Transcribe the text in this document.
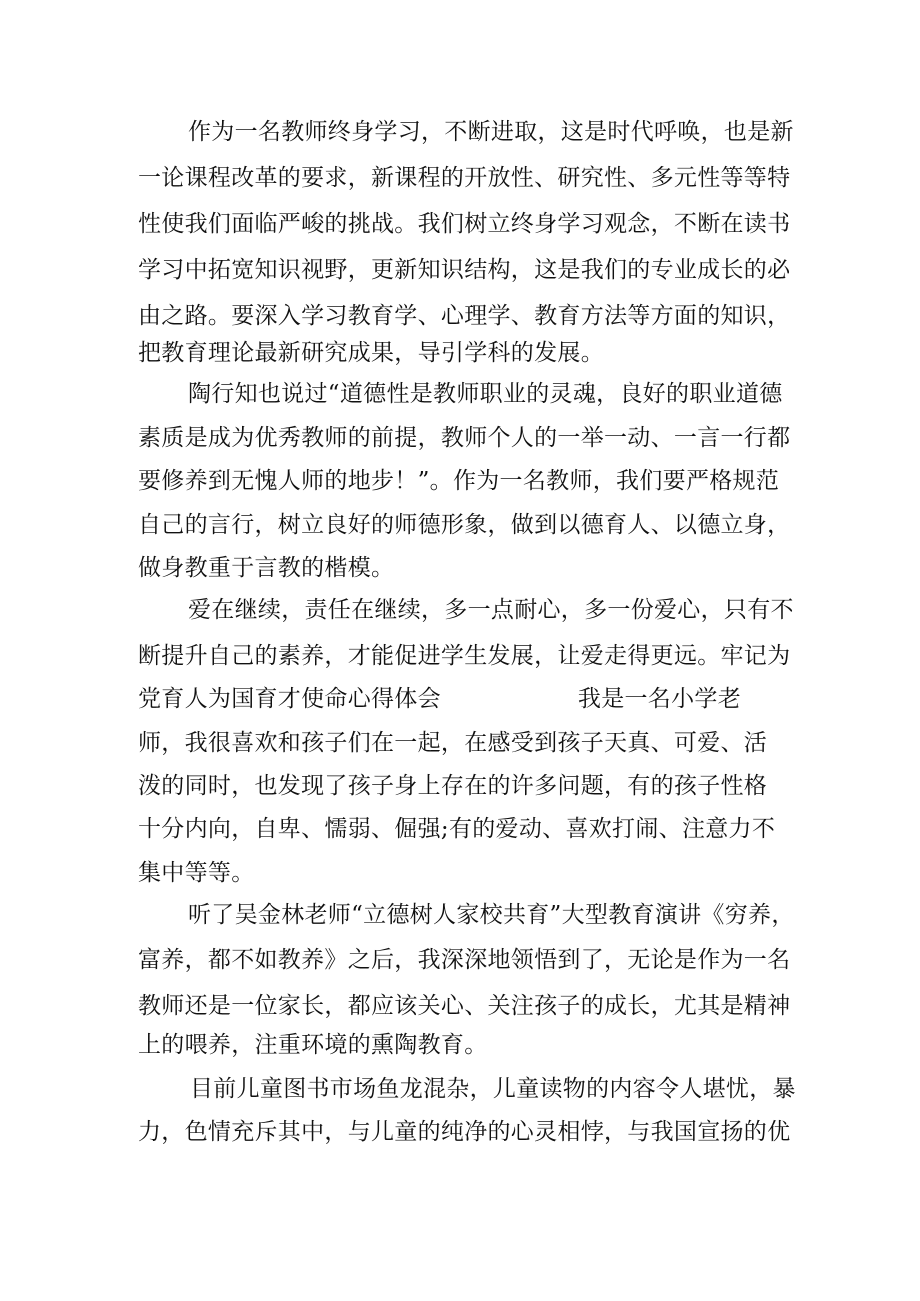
作为一名教师终身学习，不断进取，这是时代呼唤，也是新
一论课程改革的要求，新课程的开放性、研究性、多元性等等特
性使我们面临严峻的挑战。我们树立终身学习观念，不断在读书
学习中拓宽知识视野，更新知识结构，这是我们的专业成长的必
由之路。要深入学习教育学、心理学、教育方法等方面的知识，
把教育理论最新研究成果，导引学科的发展。
陶行知也说过“道德性是教师职业的灵魂，良好的职业道德
素质是成为优秀教师的前提，教师个人的一举一动、一言一行都
要修养到无愧人师的地步！”。作为一名教师，我们要严格规范
自己的言行，树立良好的师德形象，做到以德育人、以德立身，
做身教重于言教的楷模。
爱在继续，责任在继续，多一点耐心，多一份爱心，只有不
断提升自己的素养，才能促进学生发展，让爱走得更远。牢记为
党育人为国育才使命心得体会                  我是一名小学老
师，我很喜欢和孩子们在一起，在感受到孩子天真、可爱、活
泼的同时，也发现了孩子身上存在的许多问题，有的孩子性格
十分内向，自卑、懦弱、倔强;有的爱动、喜欢打闹、注意力不
集中等等。
听了吴金林老师“立德树人家校共育”大型教育演讲《穷养，
富养，都不如教养》之后，我深深地领悟到了，无论是作为一名
教师还是一位家长，都应该关心、关注孩子的成长，尤其是精神
上的喂养，注重环境的熏陶教育。
目前儿童图书市场鱼龙混杂，儿童读物的内容令人堪忧，暴
力，色情充斥其中，与儿童的纯净的心灵相悖，与我国宣扬的优
